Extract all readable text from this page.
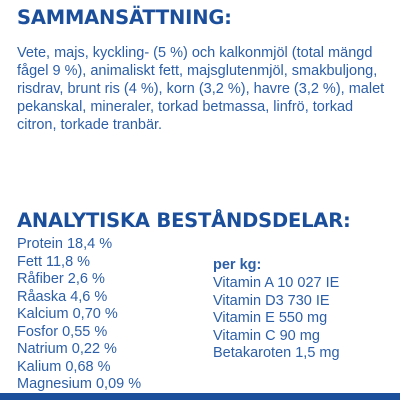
SAMMANSÄTTNING:

Vete, majs, kyckling- (5 %) och kalkonmjöl (total mängd fågel 9 %), animaliskt fett, majsglutenmjöl, smakbuljong, risdrav, brunt ris (4 %), korn (3,2 %), havre (3,2 %), malet pekanskal, mineraler, torkad betmassa, linfrö, torkad citron, torkade tranbär.

ANALYTISKA BESTÅNDSDELAR:
Protein 18,4 %
Fett 11,8 %
Råfiber 2,6 %
Råaska 4,6 %
Kalcium 0,70 %
Fosfor 0,55 %
Natrium 0,22 %
Kalium 0,68 %
Magnesium 0,09 %
per kg:
Vitamin A 10 027 IE
Vitamin D3 730 IE
Vitamin E 550 mg
Vitamin C 90 mg
Betakaroten 1,5 mg
